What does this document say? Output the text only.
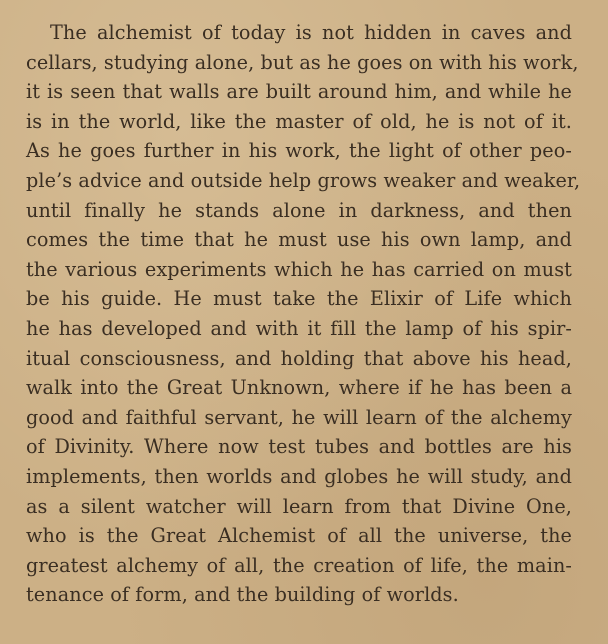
The alchemist of today is not hidden in caves and
cellars, studying alone, but as he goes on with his work,
it is seen that walls are built around him, and while he
is in the world, like the master of old, he is not of it.
As he goes further in his work, the light of other peo-
ple’s advice and outside help grows weaker and weaker,
until finally he stands alone in darkness, and then
comes the time that he must use his own lamp, and
the various experiments which he has carried on must
be his guide. He must take the Elixir of Life which
he has developed and with it fill the lamp of his spir-
itual consciousness, and holding that above his head,
walk into the Great Unknown, where if he has been a
good and faithful servant, he will learn of the alchemy
of Divinity. Where now test tubes and bottles are his
implements, then worlds and globes he will study, and
as a silent watcher will learn from that Divine One,
who is the Great Alchemist of all the universe, the
greatest alchemy of all, the creation of life, the main-
tenance of form, and the building of worlds.
